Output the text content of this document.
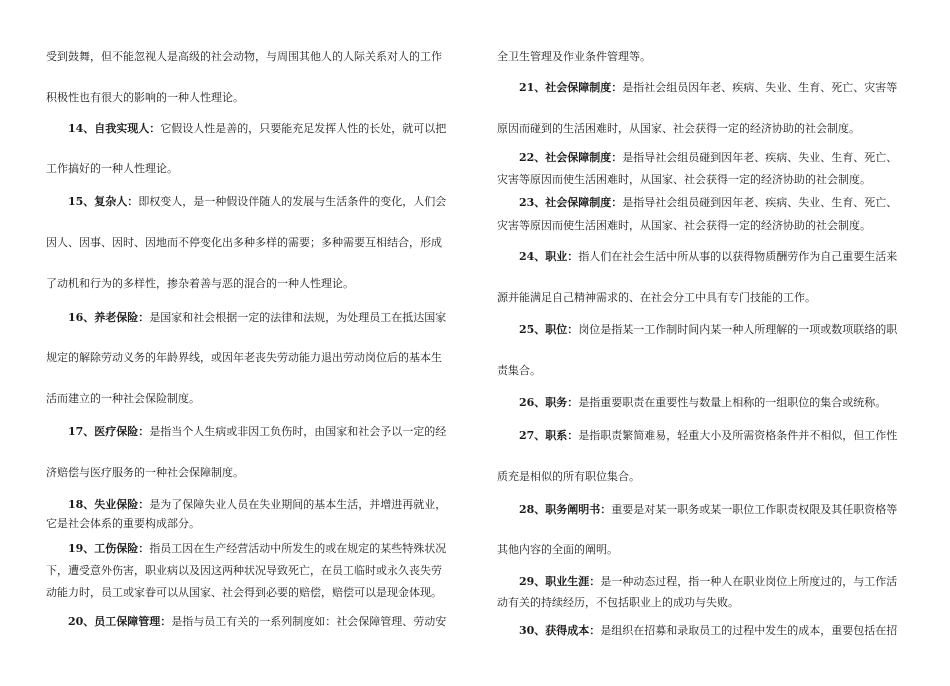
受到鼓舞，但不能忽视人是高级的社会动物，与周围其他人的人际关系对人的工作
积极性也有很大的影响的一种人性理论。
14、自我实现人：它假设人性是善的，只要能充足发挥人性的长处，就可以把
工作搞好的一种人性理论。
15、复杂人：即权变人，是一种假设伴随人的发展与生活条件的变化，人们会
因人、因事、因时、因地而不停变化出多种多样的需要；多种需要互相结合，形成
了动机和行为的多样性，掺杂着善与恶的混合的一种人性理论。
16、养老保险：是国家和社会根据一定的法律和法规，为处理员工在抵达国家
规定的解除劳动义务的年龄界线，或因年老丧失劳动能力退出劳动岗位后的基本生
活而建立的一种社会保险制度。
17、医疗保险：是指当个人生病或非因工负伤时，由国家和社会予以一定的经
济赔偿与医疗服务的一种社会保障制度。
18、失业保险：是为了保障失业人员在失业期间的基本生活，并增进再就业，
它是社会体系的重要构成部分。
19、工伤保险：指员工因在生产经营活动中所发生的或在规定的某些特殊状况
下，遭受意外伤害，职业病以及因这两种状况导致死亡，在员工临时或永久丧失劳
动能力时，员工或家眷可以从国家、社会得到必要的赔偿，赔偿可以是现金体现。
20、员工保障管理：是指与员工有关的一系列制度如：社会保障管理、劳动安
全卫生管理及作业条件管理等。
21、社会保障制度：是指社会组员因年老、疾病、失业、生育、死亡、灾害等
原因而碰到的生活困难时，从国家、社会获得一定的经济协助的社会制度。
22、社会保障制度：是指导社会组员碰到因年老、疾病、失业、生育、死亡、
灾害等原因而使生活困难时，从国家、社会获得一定的经济协助的社会制度。
23、社会保障制度：是指导社会组员碰到因年老、疾病、失业、生育、死亡、
灾害等原因而使生活困难时，从国家、社会获得一定的经济协助的社会制度。
24、职业：指人们在社会生活中所从事的以获得物质酬劳作为自己重要生活来
源并能满足自己精神需求的、在社会分工中具有专门技能的工作。
25、职位：岗位是指某一工作制时间内某一种人所理解的一项或数项联络的职
责集合。
26、职务：是指重要职责在重要性与数量上相称的一组职位的集合或统称。
27、职系：是指职责繁简难易，轻重大小及所需资格条件并不相似，但工作性
质充是相似的所有职位集合。
28、职务阐明书：重要是对某一职务或某一职位工作职责权限及其任职资格等
其他内容的全面的阐明。
29、职业生涯：是一种动态过程，指一种人在职业岗位上所度过的，与工作活
动有关的持续经历，不包括职业上的成功与失败。
30、获得成本：是组织在招募和录取员工的过程中发生的成本，重要包括在招
